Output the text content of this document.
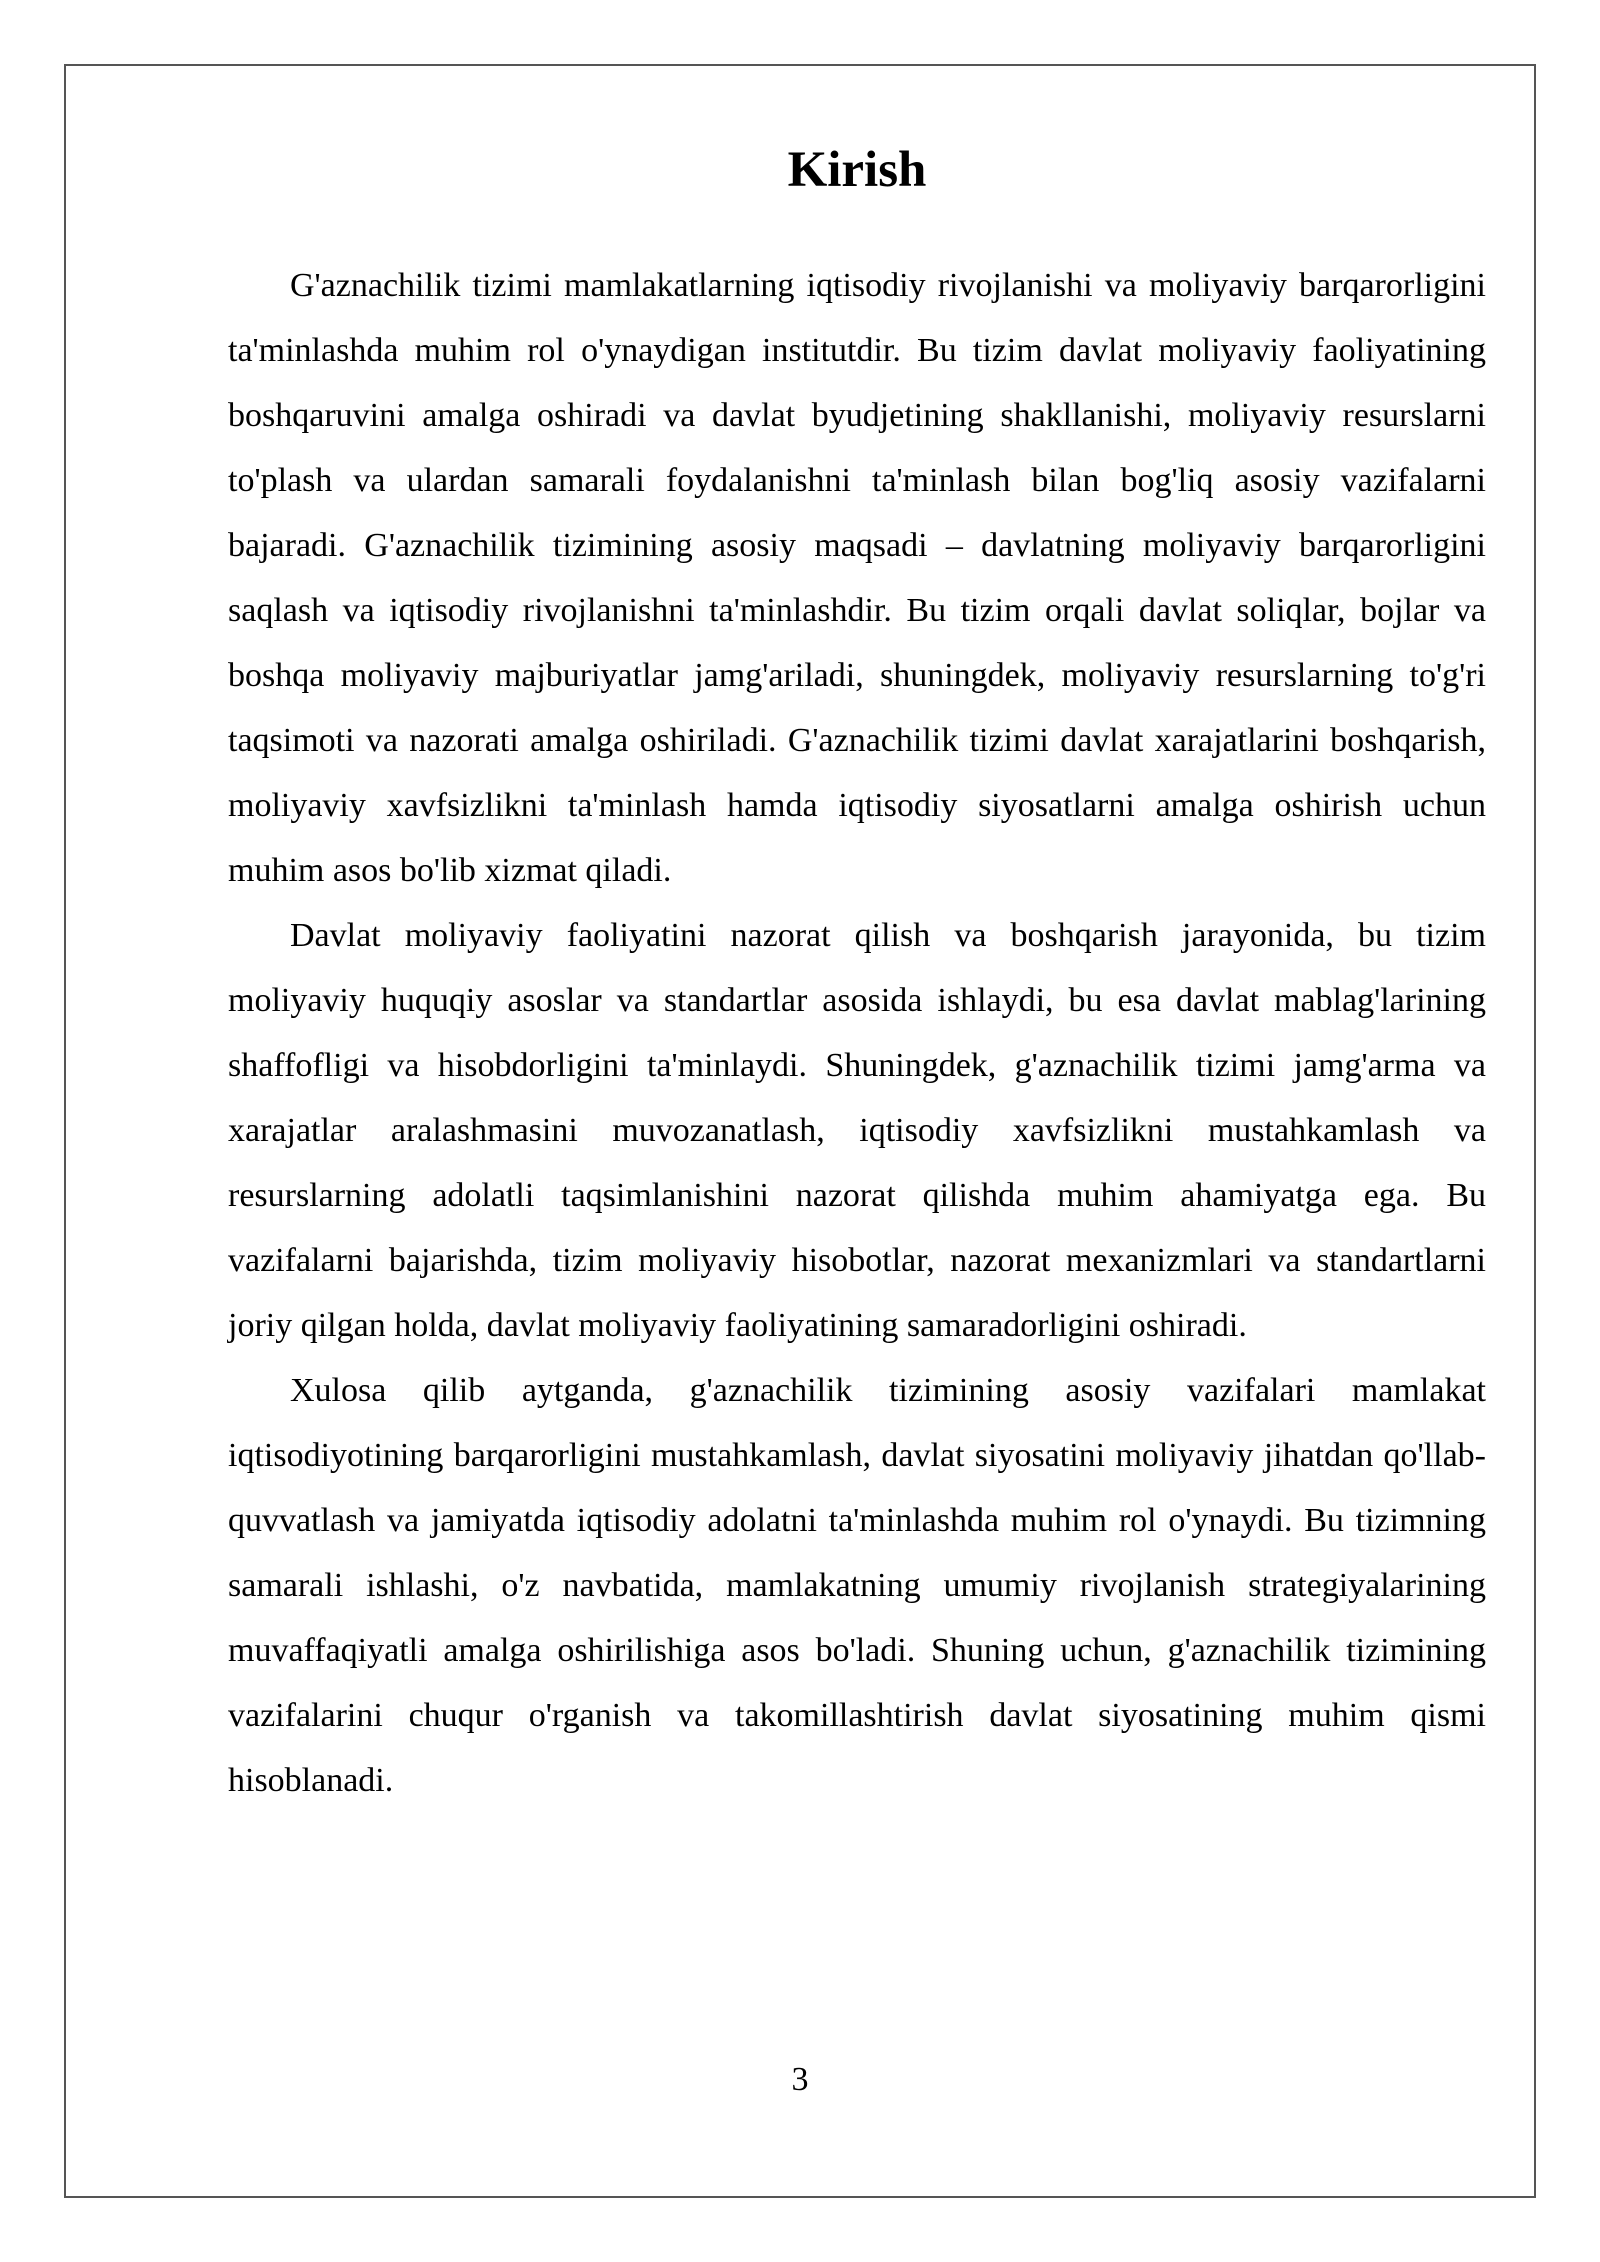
Kirish

G'aznachilik tizimi mamlakatlarning iqtisodiy rivojlanishi va moliyaviy barqarorligini ta'minlashda muhim rol o'ynaydigan institutdir. Bu tizim davlat moliyaviy faoliyatining boshqaruvini amalga oshiradi va davlat byudjetining shakllanishi, moliyaviy resurslarni to'plash va ulardan samarali foydalanishni ta'minlash bilan bog'liq asosiy vazifalarni bajaradi. G'aznachilik tizimining asosiy maqsadi – davlatning moliyaviy barqarorligini saqlash va iqtisodiy rivojlanishni ta'minlashdir. Bu tizim orqali davlat soliqlar, bojlar va boshqa moliyaviy majburiyatlar jamg'ariladi, shuningdek, moliyaviy resurslarning to'g'ri taqsimoti va nazorati amalga oshiriladi. G'aznachilik tizimi davlat xarajatlarini boshqarish, moliyaviy xavfsizlikni ta'minlash hamda iqtisodiy siyosatlarni amalga oshirish uchun muhim asos bo'lib xizmat qiladi.

Davlat moliyaviy faoliyatini nazorat qilish va boshqarish jarayonida, bu tizim moliyaviy huquqiy asoslar va standartlar asosida ishlaydi, bu esa davlat mablag'larining shaffofligi va hisobdorligini ta'minlaydi. Shuningdek, g'aznachilik tizimi jamg'arma va xarajatlar aralashmasini muvozanatlash, iqtisodiy xavfsizlikni mustahkamlash va resurslarning adolatli taqsimlanishini nazorat qilishda muhim ahamiyatga ega. Bu vazifalarni bajarishda, tizim moliyaviy hisobotlar, nazorat mexanizmlari va standartlarni joriy qilgan holda, davlat moliyaviy faoliyatining samaradorligini oshiradi.

Xulosa qilib aytganda, g'aznachilik tizimining asosiy vazifalari mamlakat iqtisodiyotining barqarorligini mustahkamlash, davlat siyosatini moliyaviy jihatdan qo'llab-quvvatlash va jamiyatda iqtisodiy adolatni ta'minlashda muhim rol o'ynaydi. Bu tizimning samarali ishlashi, o'z navbatida, mamlakatning umumiy rivojlanish strategiyalarining muvaffaqiyatli amalga oshirilishiga asos bo'ladi. Shuning uchun, g'aznachilik tizimining vazifalarini chuqur o'rganish va takomillashtirish davlat siyosatining muhim qismi hisoblanadi.

3
